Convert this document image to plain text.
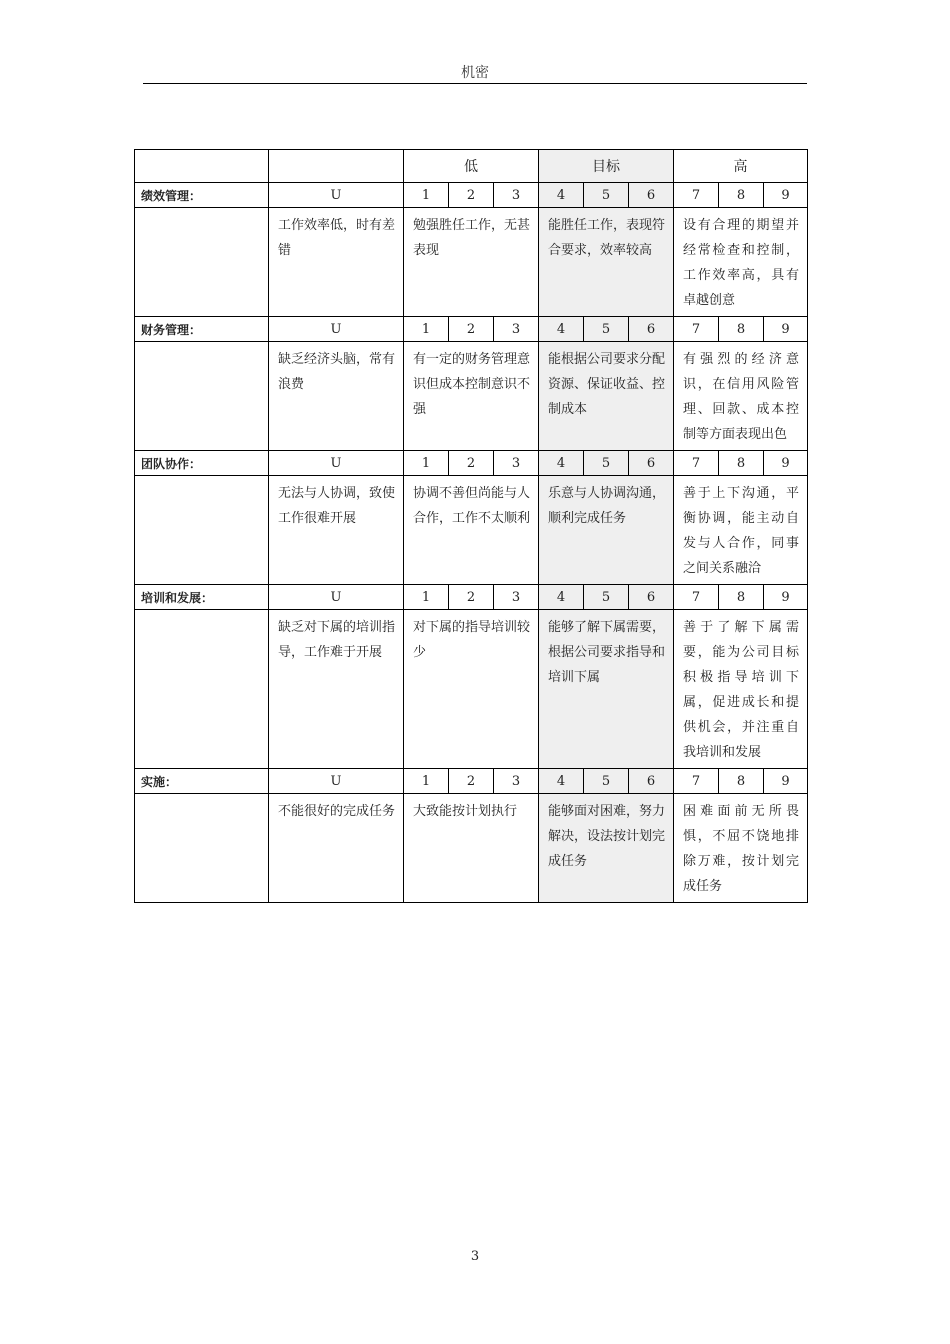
机密
		低			目标			高		
绩效管理：	U	1	2	3	4	5	6	7	8	9
	工作效率低，时有差错	勉强胜任工作，无甚表现			能胜任工作，表现符合要求，效率较高			设有合理的期望并经常检查和控制，工作效率高，具有卓越创意		
财务管理：	U	1	2	3	4	5	6	7	8	9
	缺乏经济头脑，常有浪费	有一定的财务管理意识但成本控制意识不强			能根据公司要求分配资源、保证收益、控制成本			有强烈的经济意识，在信用风险管理、回款、成本控制等方面表现出色		
团队协作：	U	1	2	3	4	5	6	7	8	9
	无法与人协调，致使工作很难开展	协调不善但尚能与人合作，工作不太顺利			乐意与人协调沟通，顺利完成任务			善于上下沟通，平衡协调，能主动自发与人合作，同事之间关系融洽		
培训和发展：	U	1	2	3	4	5	6	7	8	9
	缺乏对下属的培训指导，工作难于开展	对下属的指导培训较少			能够了解下属需要，根据公司要求指导和培训下属			善于了解下属需要，能为公司目标积极指导培训下属，促进成长和提供机会，并注重自我培训和发展		
实施：	U	1	2	3	4	5	6	7	8	9
	不能很好的完成任务	大致能按计划执行			能够面对困难，努力解决，设法按计划完成任务			困难面前无所畏惧，不屈不饶地排除万难，按计划完成任务		
3
